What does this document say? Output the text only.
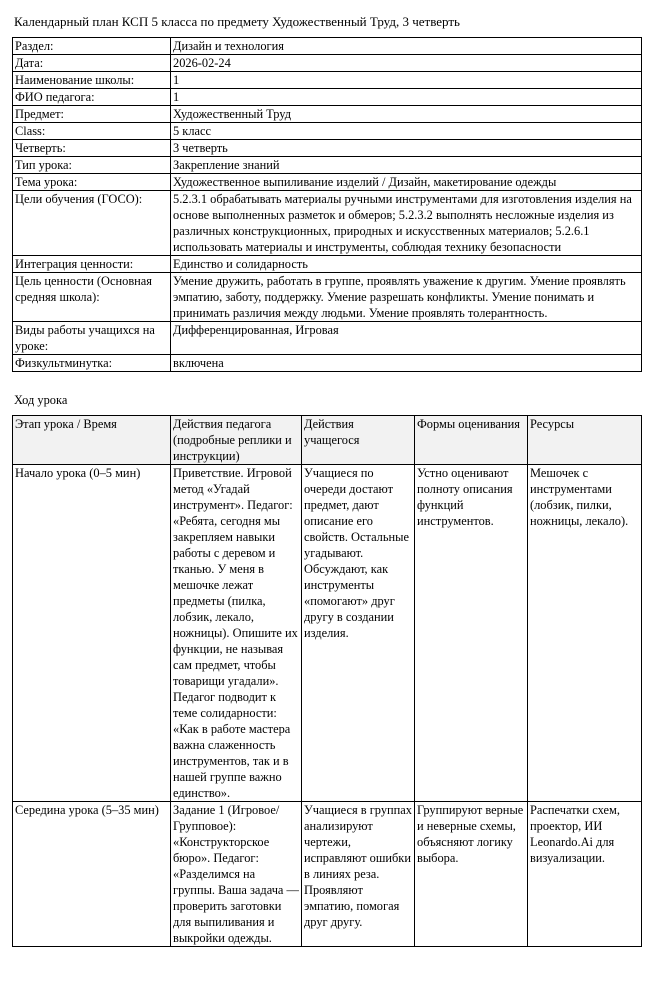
Календарный план КСП 5 класса по предмету Художественный Труд, 3 четверть
Раздел:	Дизайн и технология
Дата:	2026-02-24
Наименование школы:	1
ФИО педагога:	1
Предмет:	Художественный Труд
Class:	5 класс
Четверть:	3 четверть
Тип урока:	Закрепление знаний
Тема урока:	Художественное выпиливание изделий / Дизайн, макетирование одежды
Цели обучения (ГОСО):	5.2.3.1 обрабатывать материалы ручными инструментами для изготовления изделия на основе выполненных разметок и обмеров; 5.2.3.2 выполнять несложные изделия из различных конструкционных, природных и искусственных материалов; 5.2.6.1 использовать материалы и инструменты, соблюдая технику безопасности
Интеграция ценности:	Единство и солидарность
Цель ценности (Основная средняя школа):	Умение дружить, работать в группе, проявлять уважение к другим. Умение проявлять эмпатию, заботу, поддержку. Умение разрешать конфликты. Умение понимать и принимать различия между людьми. Умение проявлять толерантность.
Виды работы учащихся на уроке:	Дифференцированная, Игровая
Физкультминутка:	включена
Ход урока
Этап урока / Время	Действия педагога (подробные реплики и инструкции)	Действия учащегося	Формы оценивания	Ресурсы
Начало урока (0–5 мин)	Приветствие. Игровой метод «Угадай инструмент». Педагог: «Ребята, сегодня мы закрепляем навыки работы с деревом и тканью. У меня в мешочке лежат предметы (пилка, лобзик, лекало, ножницы). Опишите их функции, не называя сам предмет, чтобы товарищи угадали». Педагог подводит к теме солидарности: «Как в работе мастера важна слаженность инструментов, так и в нашей группе важно единство».	Учащиеся по очереди достают предмет, дают описание его свойств. Остальные угадывают. Обсуждают, как инструменты «помогают» друг другу в создании изделия.	Устно оценивают полноту описания функций инструментов.	Мешочек с инструментами (лобзик, пилки, ножницы, лекало).
Середина урока (5–35 мин)	Задание 1 (Игровое/Групповое): «Конструкторское бюро». Педагог: «Разделимся на группы. Ваша задача — проверить заготовки для выпиливания и выкройки одежды.	Учащиеся в группах анализируют чертежи, исправляют ошибки в линиях реза. Проявляют эмпатию, помогая друг другу.	Группируют верные и неверные схемы, объясняют логику выбора.	Распечатки схем, проектор, ИИ Leonardo.Ai для визуализации.
